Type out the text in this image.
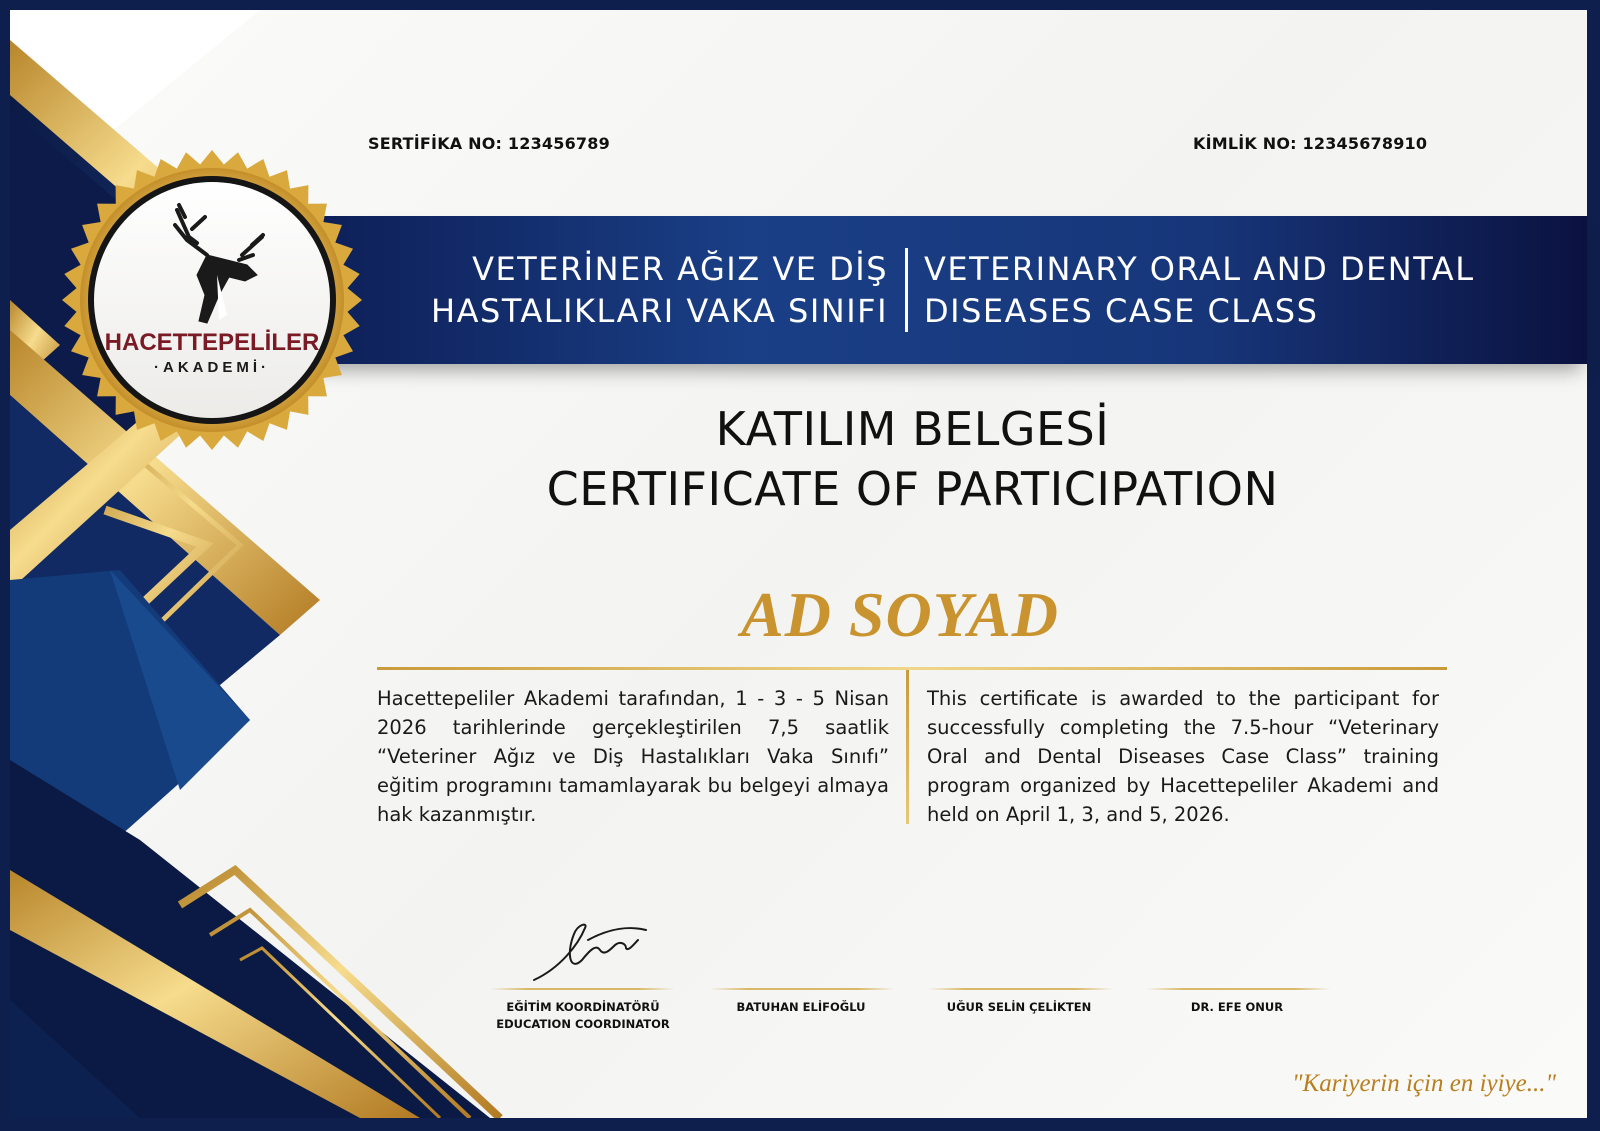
VETERİNER AĞIZ VE DİŞ
HASTALIKLARI VAKA SINIFI
VETERINARY ORAL AND DENTAL
DISEASES CASE CLASS
SERTİFİKA NO: 123456789	KİMLİK NO: 12345678910
HACETTEPELİLER
·AKADEMİ·
KATILIM BELGESİ
CERTIFICATE OF PARTICIPATION
AD SOYAD
Hacettepeliler Akademi tarafından, 1 - 3 - 5 Nisan 2026 tarihlerinde gerçekleştirilen 7,5 saatlik “Veteriner Ağız ve Diş Hastalıkları Vaka Sınıfı” eğitim programını tamamlayarak bu belgeyi almaya hak kazanmıştır.
This certificate is awarded to the participant for successfully completing the 7.5-hour “Veterinary Oral and Dental Diseases Case Class” training program organized by Hacettepeliler Akademi and held on April 1, 3, and 5, 2026.
EĞİTİM KOORDİNATÖRÜ
EDUCATION COORDINATOR
BATUHAN ELİFOĞLU	UĞUR SELİN ÇELİKTEN	DR. EFE ONUR
"Kariyerin için en iyiye..."
